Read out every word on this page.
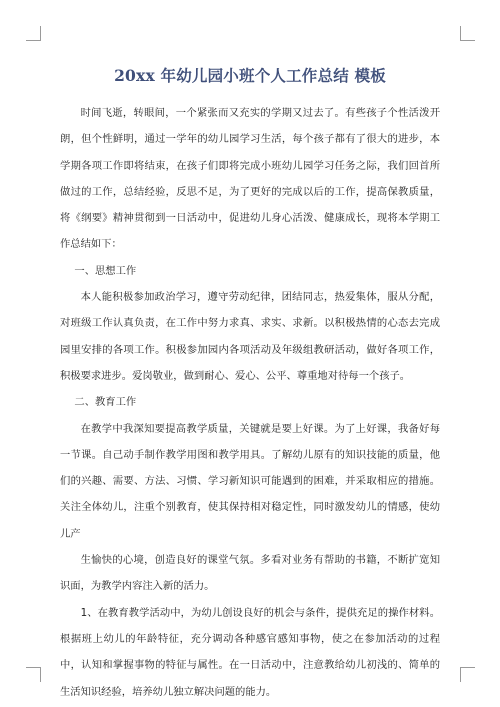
20xx 年幼儿园小班个人工作总结 模板

时间飞逝，转眼间，一个紧张而又充实的学期又过去了。有些孩子个性活泼开朗，但个性鲜明，通过一学年的幼儿园学习生活，每个孩子都有了很大的进步，本学期各项工作即将结束，在孩子们即将完成小班幼儿园学习任务之际，我们回首所做过的工作，总结经验，反思不足，为了更好的完成以后的工作，提高保教质量，将《纲要》精神贯彻到一日活动中，促进幼儿身心活泼、健康成长，现将本学期工作总结如下：

一、思想工作

本人能积极参加政治学习，遵守劳动纪律，团结同志，热爱集体，服从分配，对班级工作认真负责，在工作中努力求真、求实、求新。以积极热情的心态去完成园里安排的各项工作。积极参加园内各项活动及年级组教研活动，做好各项工作，积极要求进步。爱岗敬业，做到耐心、爱心、公平、尊重地对待每一个孩子。

二、教育工作

在教学中我深知要提高教学质量，关键就是要上好课。为了上好课，我备好每一节课。自己动手制作教学用图和教学用具。了解幼儿原有的知识技能的质量，他们的兴趣、需要、方法、习惯、学习新知识可能遇到的困难，并采取相应的措施。关注全体幼儿，注重个别教育，使其保持相对稳定性，同时激发幼儿的情感，使幼儿产

生愉快的心境，创造良好的课堂气氛。多看对业务有帮助的书籍，不断扩宽知识面，为教学内容注入新的活力。

1、在教育教学活动中，为幼儿创设良好的机会与条件，提供充足的操作材料。根据班上幼儿的年龄特征，充分调动各种感官感知事物，使之在参加活动的过程中，认知和掌握事物的特征与属性。在一日活动中，注意教给幼儿初浅的、简单的生活知识经验，培养幼儿独立解决问题的能力。
